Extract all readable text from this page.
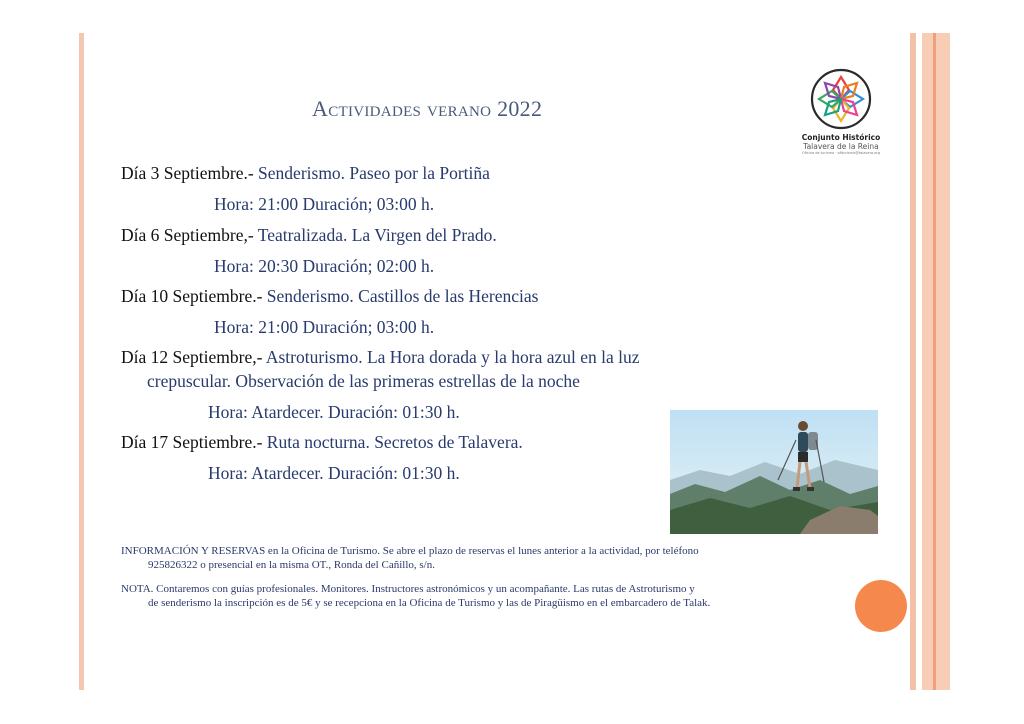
Actividades verano 2022
Conjunto Histórico
Talavera de la Reina
Oficina de turismo · ofiturismo@talavera.org
Día 3 Septiembre.- Senderismo. Paseo por la Portiña
Hora: 21:00 Duración; 03:00 h.
Día 6 Septiembre,- Teatralizada. La Virgen del Prado.
Hora: 20:30 Duración; 02:00 h.
Día 10 Septiembre.- Senderismo. Castillos de las Herencias
Hora: 21:00 Duración; 03:00 h.
Día 12 Septiembre,- Astroturismo. La Hora dorada y la hora azul en la luz
crepuscular. Observación de las primeras estrellas de la noche
Hora: Atardecer. Duración: 01:30 h.
Día 17 Septiembre.- Ruta nocturna. Secretos de Talavera.
Hora: Atardecer. Duración: 01:30 h.
INFORMACIÓN Y RESERVAS en la Oficina de Turismo. Se abre el plazo de reservas el lunes anterior a la actividad, por teléfono
925826322 o presencial en la misma OT., Ronda del Cañillo, s/n.
NOTA. Contaremos con guías profesionales. Monitores. Instructores astronómicos y un acompañante. Las rutas de Astroturismo y
de senderismo la inscripción es de 5€ y se recepciona en la Oficina de Turismo y las de Piragüismo en el embarcadero de Talak.
